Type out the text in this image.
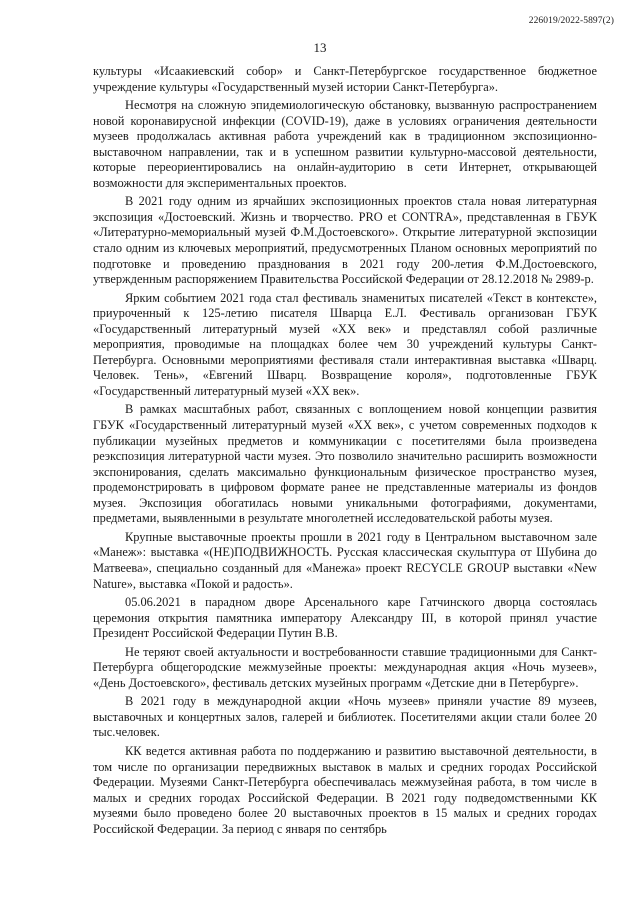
226019/2022-5897(2)
13

культуры «Исаакиевский собор» и Санкт-Петербургское государственное бюджетное учреждение культуры «Государственный музей истории Санкт-Петербурга».

Несмотря на сложную эпидемиологическую обстановку, вызванную распространением новой коронавирусной инфекции (COVID-19), даже в условиях ограничения деятельности музеев продолжалась активная работа учреждений как в традиционном экспозиционно-выставочном направлении, так и в успешном развитии культурно-массовой деятельности, которые переориентировались на онлайн-аудиторию в сети Интернет, открывающей возможности для экспериментальных проектов.

В 2021 году одним из ярчайших экспозиционных проектов стала новая литературная экспозиция «Достоевский. Жизнь и творчество. PRO et CONTRA», представленная в ГБУК «Литературно-мемориальный музей Ф.М.Достоевского». Открытие литературной экспозиции стало одним из ключевых мероприятий, предусмотренных Планом основных мероприятий по подготовке и проведению празднования в 2021 году 200-летия Ф.М.Достоевского, утвержденным распоряжением Правительства Российской Федерации от 28.12.2018 № 2989-р.

Ярким событием 2021 года стал фестиваль знаменитых писателей «Текст в контексте», приуроченный к 125-летию писателя Шварца Е.Л. Фестиваль организован ГБУК «Государственный литературный музей «XX век» и представлял собой различные мероприятия, проводимые на площадках более чем 30 учреждений культуры Санкт-Петербурга. Основными мероприятиями фестиваля стали интерактивная выставка «Шварц. Человек. Тень», «Евгений Шварц. Возвращение короля», подготовленные ГБУК «Государственный литературный музей «XX век».

В рамках масштабных работ, связанных с воплощением новой концепции развития ГБУК «Государственный литературный музей «XX век», с учетом современных подходов к публикации музейных предметов и коммуникации с посетителями была произведена реэкспозиция литературной части музея. Это позволило значительно расширить возможности экспонирования, сделать максимально функциональным физическое пространство музея, продемонстрировать в цифровом формате ранее не представленные материалы из фондов музея. Экспозиция обогатилась новыми уникальными фотографиями, документами, предметами, выявленными в результате многолетней исследовательской работы музея.

Крупные выставочные проекты прошли в 2021 году в Центральном выставочном зале «Манеж»: выставка «(НЕ)ПОДВИЖНОСТЬ. Русская классическая скульптура от Шубина до Матвеева», специально созданный для «Манежа» проект RECYCLE GROUP выставки «New Nature», выставка «Покой и радость».

05.06.2021 в парадном дворе Арсенального каре Гатчинского дворца состоялась церемония открытия памятника императору Александру III, в которой принял участие Президент Российской Федерации Путин В.В.

Не теряют своей актуальности и востребованности ставшие традиционными для Санкт-Петербурга общегородские межмузейные проекты: международная акция «Ночь музеев», «День Достоевского», фестиваль детских музейных программ «Детские дни в Петербурге».

В 2021 году в международной акции «Ночь музеев» приняли участие 89 музеев, выставочных и концертных залов, галерей и библиотек. Посетителями акции стали более 20 тыс.человек.

КК ведется активная работа по поддержанию и развитию выставочной деятельности, в том числе по организации передвижных выставок в малых и средних городах Российской Федерации. Музеями Санкт-Петербурга обеспечивалась межмузейная работа, в том числе в малых и средних городах Российской Федерации. В 2021 году подведомственными КК музеями было проведено более 20 выставочных проектов в 15 малых и средних городах Российской Федерации. За период с января по сентябрь
